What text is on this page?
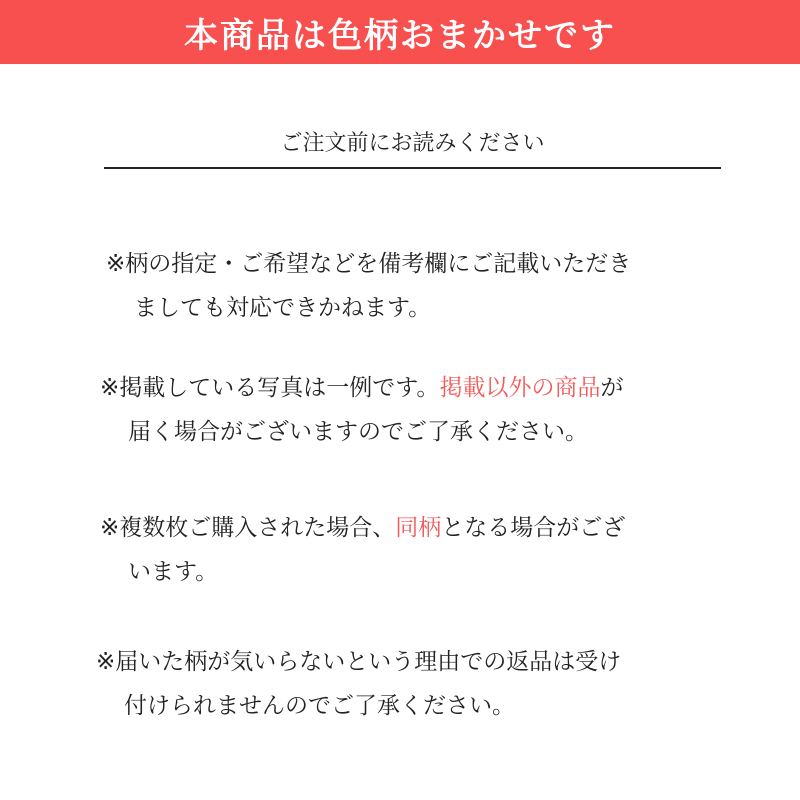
本商品は色柄おまかせです
ご注文前にお読みください
※柄の指定・ご希望などを備考欄にご記載いただき
ましても対応できかねます。
※掲載している写真は一例です。掲載以外の商品が
届く場合がございますのでご了承ください。
※複数枚ご購入された場合、同柄となる場合がござ
います。
※届いた柄が気いらないという理由での返品は受け
付けられませんのでご了承ください。
